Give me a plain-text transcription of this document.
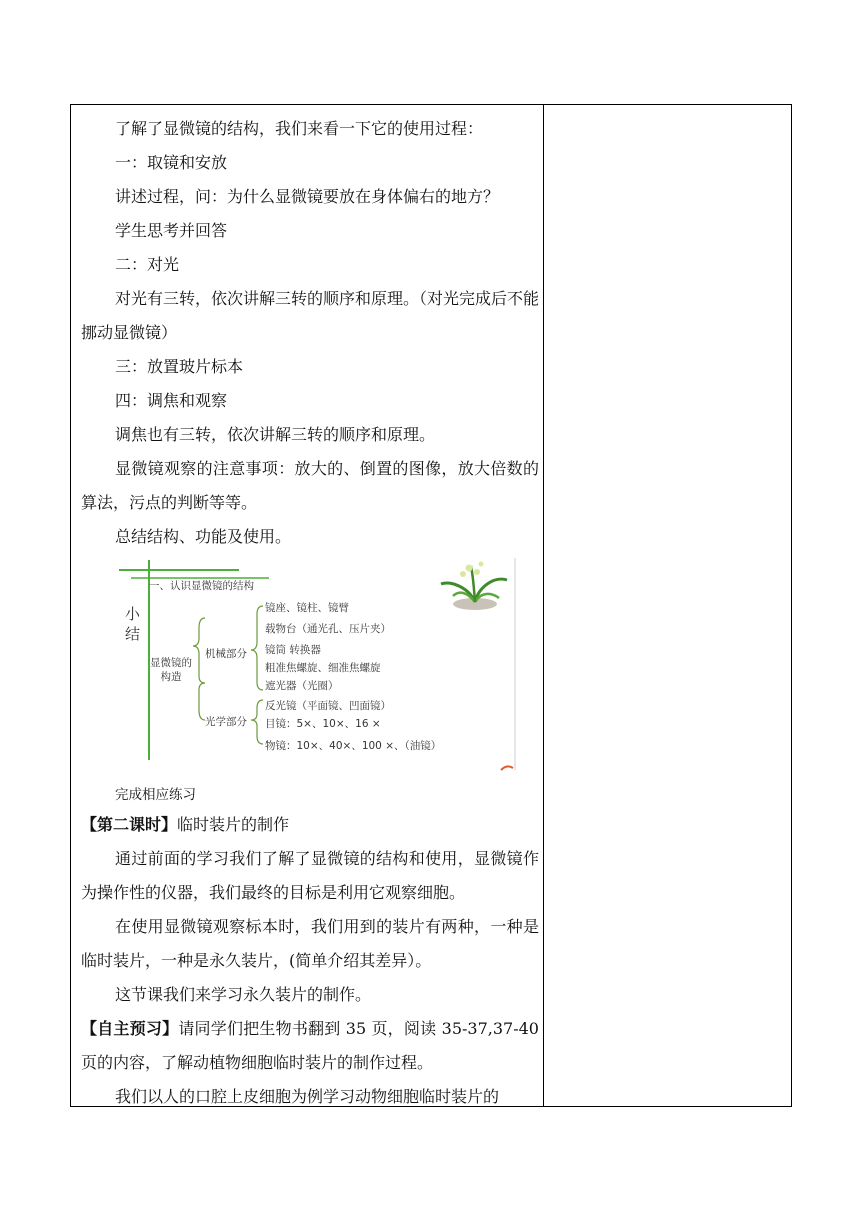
了解了显微镜的结构，我们来看一下它的使用过程：

一：取镜和安放

讲述过程，问：为什么显微镜要放在身体偏右的地方？

学生思考并回答

二：对光

对光有三转，依次讲解三转的顺序和原理。（对光完成后不能挪动显微镜）

三：放置玻片标本

四：调焦和观察

调焦也有三转，依次讲解三转的顺序和原理。

显微镜观察的注意事项：放大的、倒置的图像，放大倍数的算法，污点的判断等等。

总结结构、功能及使用。

一、认识显微镜的结构
小结
显微镜的构造
机械部分
光学部分
镜座、镜柱、镜臂
载物台（通光孔、压片夹）
镜筒 转换器
粗准焦螺旋、细准焦螺旋
遮光器（光圈）
反光镜（平面镜、凹面镜）
目镜：5×、10×、16 ×
物镜：10×、40×、100 ×、（油镜）

完成相应练习

【第二课时】临时装片的制作

通过前面的学习我们了解了显微镜的结构和使用，显微镜作为操作性的仪器，我们最终的目标是利用它观察细胞。

在使用显微镜观察标本时，我们用到的装片有两种，一种是临时装片，一种是永久装片，(简单介绍其差异）。

这节课我们来学习永久装片的制作。

【自主预习】请同学们把生物书翻到 35 页，阅读 35-37,37-40 页的内容，了解动植物细胞临时装片的制作过程。

我们以人的口腔上皮细胞为例学习动物细胞临时装片的
